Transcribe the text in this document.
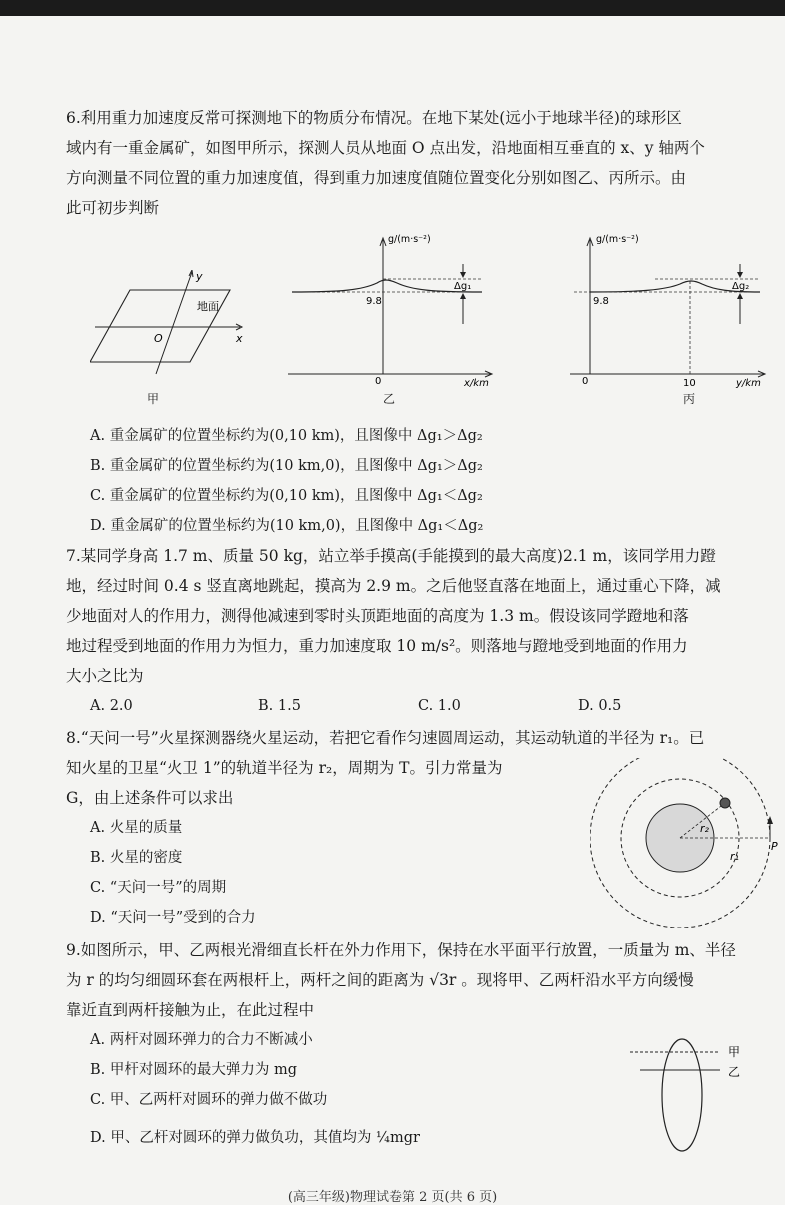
6.利用重力加速度反常可探测地下的物质分布情况。在地下某处(远小于地球半径)的球形区
域内有一重金属矿，如图甲所示，探测人员从地面 O 点出发，沿地面相互垂直的 x、y 轴两个
方向测量不同位置的重力加速度值，得到重力加速度值随位置变化分别如图乙、丙所示。由
此可初步判断
y
x
O
地面
甲
g/(m·s⁻²)
9.8
0	x/km
Δg₁
乙
g/(m·s⁻²)
9.8
0	10	y/km
Δg₂
丙
A. 重金属矿的位置坐标约为(0,10 km)，且图像中 Δg₁＞Δg₂
B. 重金属矿的位置坐标约为(10 km,0)，且图像中 Δg₁＞Δg₂
C. 重金属矿的位置坐标约为(0,10 km)，且图像中 Δg₁＜Δg₂
D. 重金属矿的位置坐标约为(10 km,0)，且图像中 Δg₁＜Δg₂
7.某同学身高 1.7 m、质量 50 kg，站立举手摸高(手能摸到的最大高度)2.1 m，该同学用力蹬
地，经过时间 0.4 s 竖直离地跳起，摸高为 2.9 m。之后他竖直落在地面上，通过重心下降，减
少地面对人的作用力，测得他减速到零时头顶距地面的高度为 1.3 m。假设该同学蹬地和落
地过程受到地面的作用力为恒力，重力加速度取 10 m/s²。则落地与蹬地受到地面的作用力
大小之比为
A. 2.0	B. 1.5	C. 1.0	D. 0.5
8.“天问一号”火星探测器绕火星运动，若把它看作匀速圆周运动，其运动轨道的半径为 r₁。已
知火星的卫星“火卫 1”的轨道半径为 r₂，周期为 T。引力常量为
G，由上述条件可以求出
A. 火星的质量
B. 火星的密度
C. “天问一号”的周期
D. “天问一号”受到的合力
r₂
r₁
P
9.如图所示，甲、乙两根光滑细直长杆在外力作用下，保持在水平面平行放置，一质量为 m、半径
为 r 的均匀细圆环套在两根杆上，两杆之间的距离为 √3r 。现将甲、乙两杆沿水平方向缓慢
靠近直到两杆接触为止，在此过程中
A. 两杆对圆环弹力的合力不断减小
B. 甲杆对圆环的最大弹力为 mg
C. 甲、乙两杆对圆环的弹力做不做功
D. 甲、乙杆对圆环的弹力做负功，其值均为 ¼mgr
甲
乙
(高三年级)物理试卷第 2 页(共 6 页)
